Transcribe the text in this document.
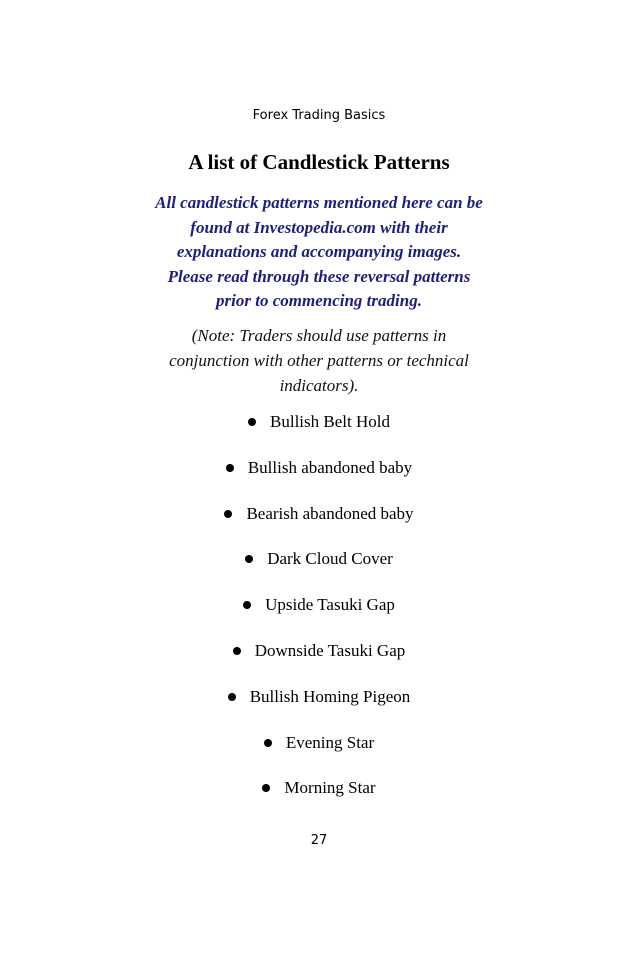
Forex Trading Basics
A list of Candlestick Patterns
All candlestick patterns mentioned here can be
found at Investopedia.com with their
explanations and accompanying images.
Please read through these reversal patterns
prior to commencing trading.
(Note: Traders should use patterns in
conjunction with other patterns or technical
indicators).
Bullish Belt Hold
Bullish abandoned baby
Bearish abandoned baby
Dark Cloud Cover
Upside Tasuki Gap
Downside Tasuki Gap
Bullish Homing Pigeon
Evening Star
Morning Star
27
